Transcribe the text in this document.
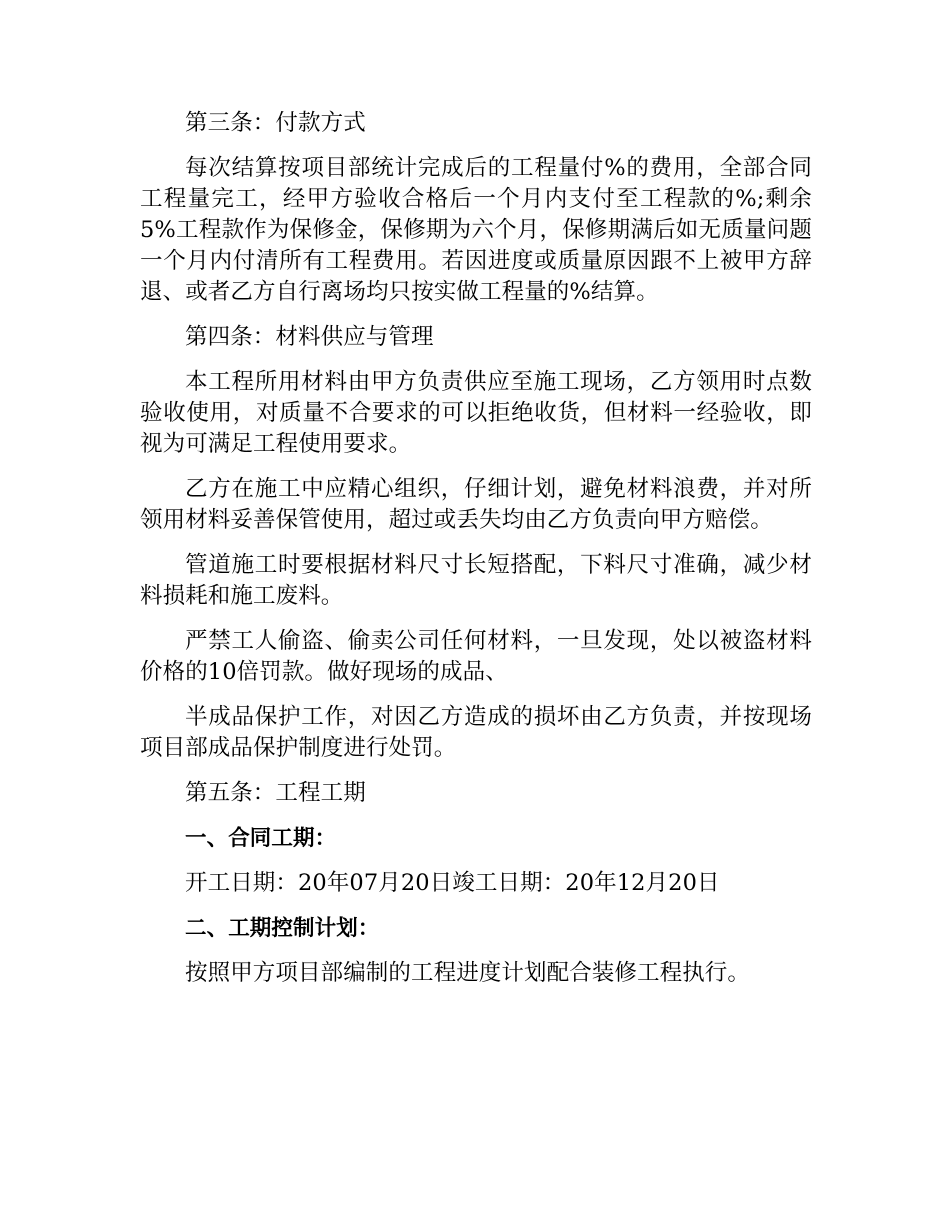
第三条：付款方式

每次结算按项目部统计完成后的工程量付%的费用，全部合同工程量完工，经甲方验收合格后一个月内支付至工程款的%;剩余 5%工程款作为保修金，保修期为六个月，保修期满后如无质量问题一个月内付清所有工程费用。若因进度或质量原因跟不上被甲方辞退、或者乙方自行离场均只按实做工程量的%结算。

第四条：材料供应与管理

本工程所用材料由甲方负责供应至施工现场，乙方领用时点数验收使用，对质量不合要求的可以拒绝收货，但材料一经验收，即视为可满足工程使用要求。

乙方在施工中应精心组织，仔细计划，避免材料浪费，并对所领用材料妥善保管使用，超过或丢失均由乙方负责向甲方赔偿。

管道施工时要根据材料尺寸长短搭配，下料尺寸准确，减少材料损耗和施工废料。

严禁工人偷盗、偷卖公司任何材料，一旦发现，处以被盗材料价格的10倍罚款。做好现场的成品、

半成品保护工作，对因乙方造成的损坏由乙方负责，并按现场项目部成品保护制度进行处罚。

第五条：工程工期

一、合同工期：

开工日期：20年07月20日竣工日期：20年12月20日

二、工期控制计划：

按照甲方项目部编制的工程进度计划配合装修工程执行。
